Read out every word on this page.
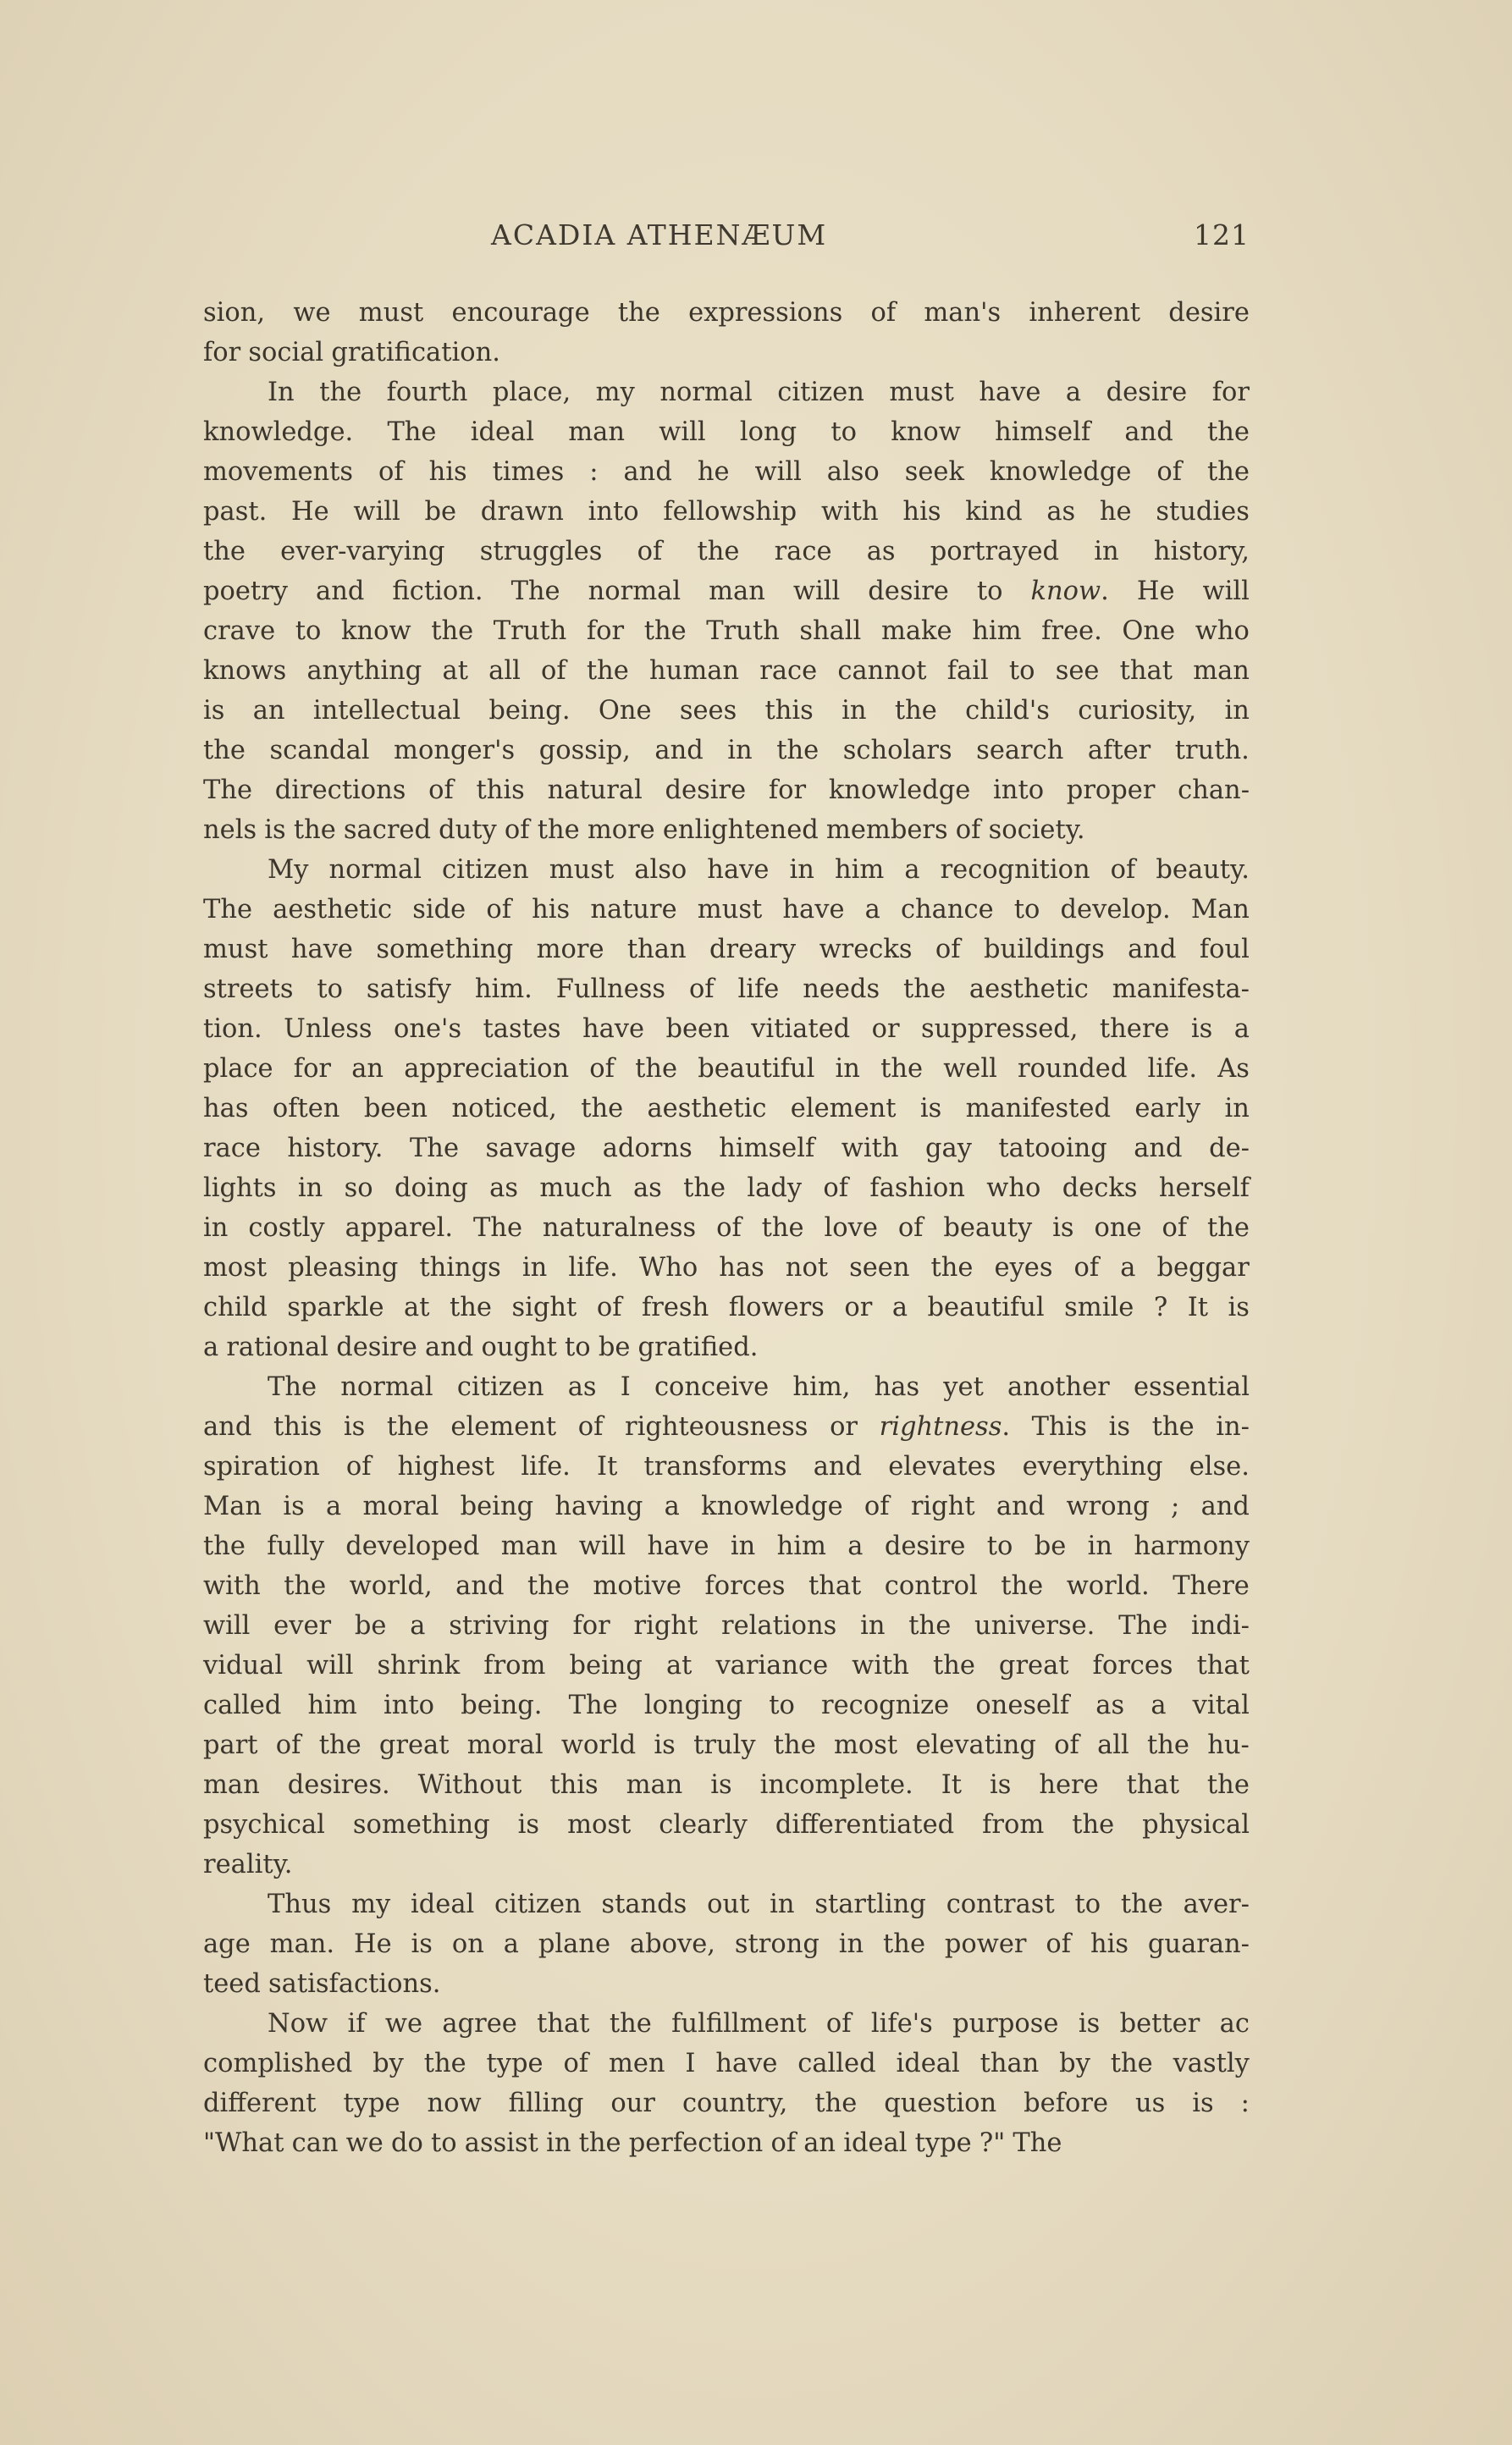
ACADIA ATHENÆUM	121
sion, we must encourage the expressions of man's inherent desire
for social gratification.
In the fourth place, my normal citizen must have a desire for
knowledge. The ideal man will long to know himself and the
movements of his times : and he will also seek knowledge of the
past. He will be drawn into fellowship with his kind as he studies
the ever-varying struggles of the race as portrayed in history,
poetry and fiction. The normal man will desire to know. He will
crave to know the Truth for the Truth shall make him free. One who
knows anything at all of the human race cannot fail to see that man
is an intellectual being. One sees this in the child's curiosity, in
the scandal monger's gossip, and in the scholars search after truth.
The directions of this natural desire for knowledge into proper chan-
nels is the sacred duty of the more enlightened members of society.
My normal citizen must also have in him a recognition of beauty.
The aesthetic side of his nature must have a chance to develop. Man
must have something more than dreary wrecks of buildings and foul
streets to satisfy him. Fullness of life needs the aesthetic manifesta-
tion. Unless one's tastes have been vitiated or suppressed, there is a
place for an appreciation of the beautiful in the well rounded life. As
has often been noticed, the aesthetic element is manifested early in
race history. The savage adorns himself with gay tatooing and de-
lights in so doing as much as the lady of fashion who decks herself
in costly apparel. The naturalness of the love of beauty is one of the
most pleasing things in life. Who has not seen the eyes of a beggar
child sparkle at the sight of fresh flowers or a beautiful smile ? It is
a rational desire and ought to be gratified.
The normal citizen as I conceive him, has yet another essential
and this is the element of righteousness or rightness. This is the in-
spiration of highest life. It transforms and elevates everything else.
Man is a moral being having a knowledge of right and wrong ; and
the fully developed man will have in him a desire to be in harmony
with the world, and the motive forces that control the world. There
will ever be a striving for right relations in the universe. The indi-
vidual will shrink from being at variance with the great forces that
called him into being. The longing to recognize oneself as a vital
part of the great moral world is truly the most elevating of all the hu-
man desires. Without this man is incomplete. It is here that the
psychical something is most clearly differentiated from the physical
reality.
Thus my ideal citizen stands out in startling contrast to the aver-
age man. He is on a plane above, strong in the power of his guaran-
teed satisfactions.
Now if we agree that the fulfillment of life's purpose is better ac
complished by the type of men I have called ideal than by the vastly
different type now filling our country, the question before us is :
"What can we do to assist in the perfection of an ideal type ?" The
